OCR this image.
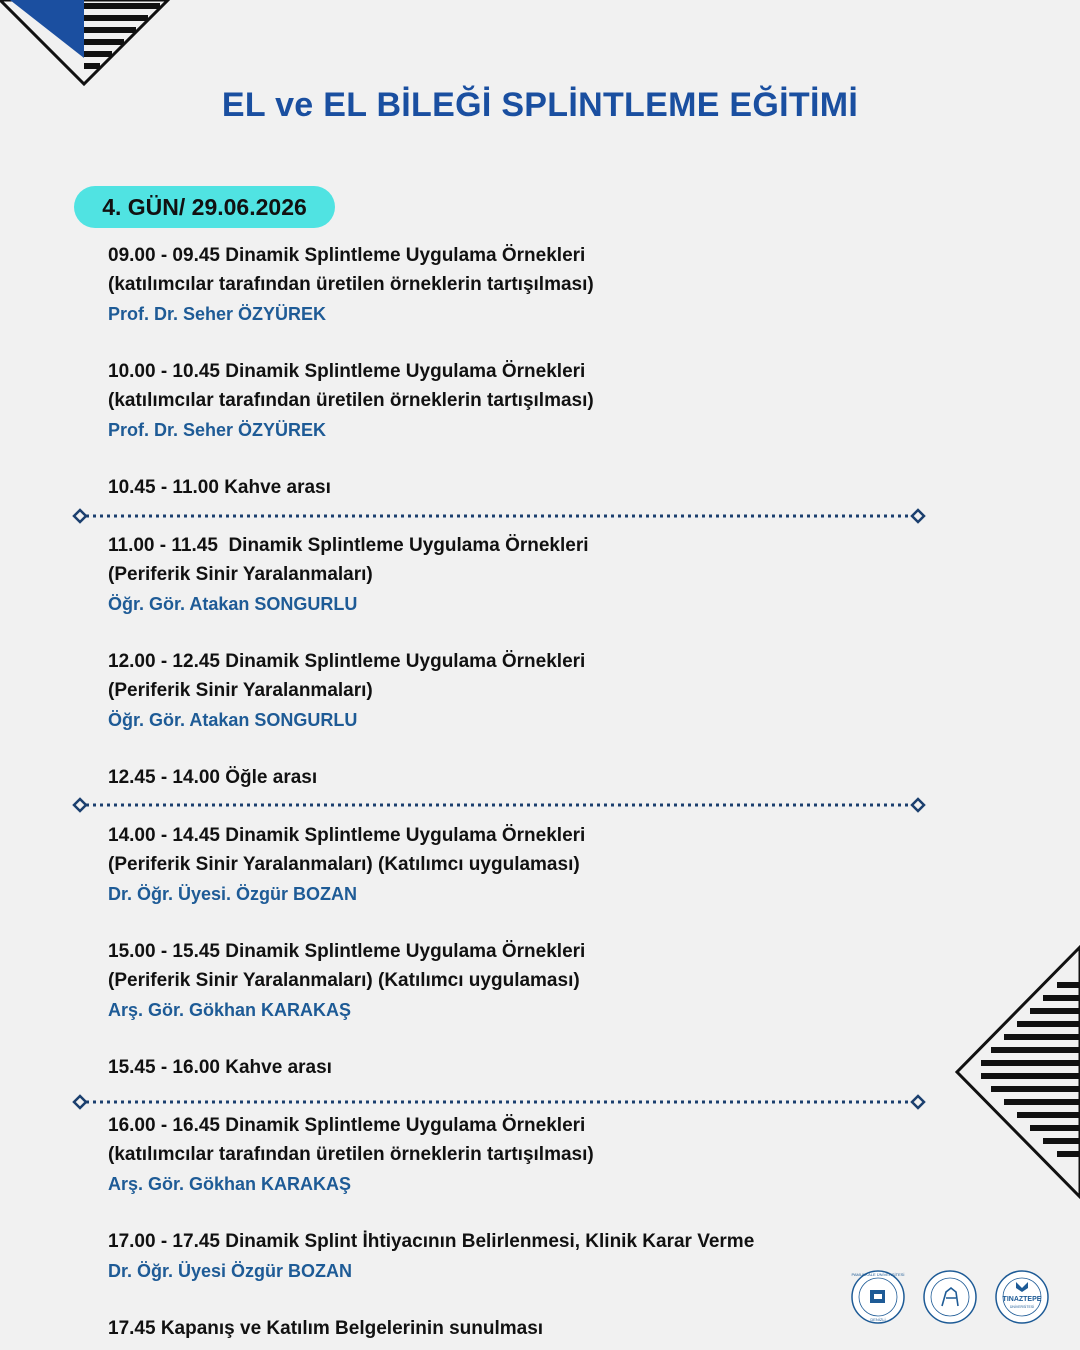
EL ve EL BİLEĞİ SPLİNTLEME EĞİTİMİ
4. GÜN/ 29.06.2026
09.00 - 09.45 Dinamik Splintleme Uygulama Örnekleri
(katılımcılar tarafından üretilen örneklerin tartışılması)
Prof. Dr. Seher ÖZYÜREK
10.00 - 10.45 Dinamik Splintleme Uygulama Örnekleri
(katılımcılar tarafından üretilen örneklerin tartışılması)
Prof. Dr. Seher ÖZYÜREK
10.45 - 11.00 Kahve arası
11.00 - 11.45  Dinamik Splintleme Uygulama Örnekleri
(Periferik Sinir Yaralanmaları)
Öğr. Gör. Atakan SONGURLU
12.00 - 12.45 Dinamik Splintleme Uygulama Örnekleri
(Periferik Sinir Yaralanmaları)
Öğr. Gör. Atakan SONGURLU
12.45 - 14.00 Öğle arası
14.00 - 14.45 Dinamik Splintleme Uygulama Örnekleri
(Periferik Sinir Yaralanmaları) (Katılımcı uygulaması)
Dr. Öğr. Üyesi. Özgür BOZAN
15.00 - 15.45 Dinamik Splintleme Uygulama Örnekleri
(Periferik Sinir Yaralanmaları) (Katılımcı uygulaması)
Arş. Gör. Gökhan KARAKAŞ
15.45 - 16.00 Kahve arası
16.00 - 16.45 Dinamik Splintleme Uygulama Örnekleri
(katılımcılar tarafından üretilen örneklerin tartışılması)
Arş. Gör. Gökhan KARAKAŞ
17.00 - 17.45 Dinamik Splint İhtiyacının Belirlenmesi, Klinik Karar Verme
Dr. Öğr. Üyesi Özgür BOZAN
17.45 Kapanış ve Katılım Belgelerinin sunulması
PAMUKKALE ÜNİVERSİTESİ
DENİZLİ
TINAZTEPE
ÜNİVERSİTESİ
